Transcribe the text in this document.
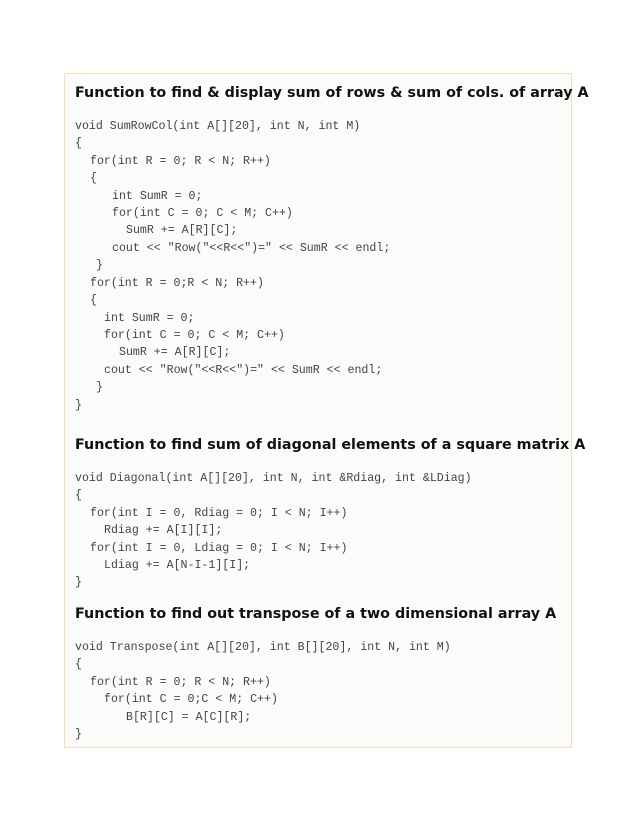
Function to find & display sum of rows & sum of cols. of array A
void SumRowCol(int A[][20], int N, int M)
{
for(int R = 0; R < N; R++)
{
int SumR = 0;
for(int C = 0; C < M; C++)
SumR += A[R][C];
cout << "Row("<<R<<")=" << SumR << endl;
}
for(int R = 0;R < N; R++)
{
int SumR = 0;
for(int C = 0; C < M; C++)
SumR += A[R][C];
cout << "Row("<<R<<")=" << SumR << endl;
}
}
Function to find sum of diagonal elements of a square matrix A
void Diagonal(int A[][20], int N, int &Rdiag, int &LDiag)
{
for(int I = 0, Rdiag = 0; I < N; I++)
Rdiag += A[I][I];
for(int I = 0, Ldiag = 0; I < N; I++)
Ldiag += A[N-I-1][I];
}
Function to find out transpose of a two dimensional array A
void Transpose(int A[][20], int B[][20], int N, int M)
{
for(int R = 0; R < N; R++)
for(int C = 0;C < M; C++)
B[R][C] = A[C][R];
}
